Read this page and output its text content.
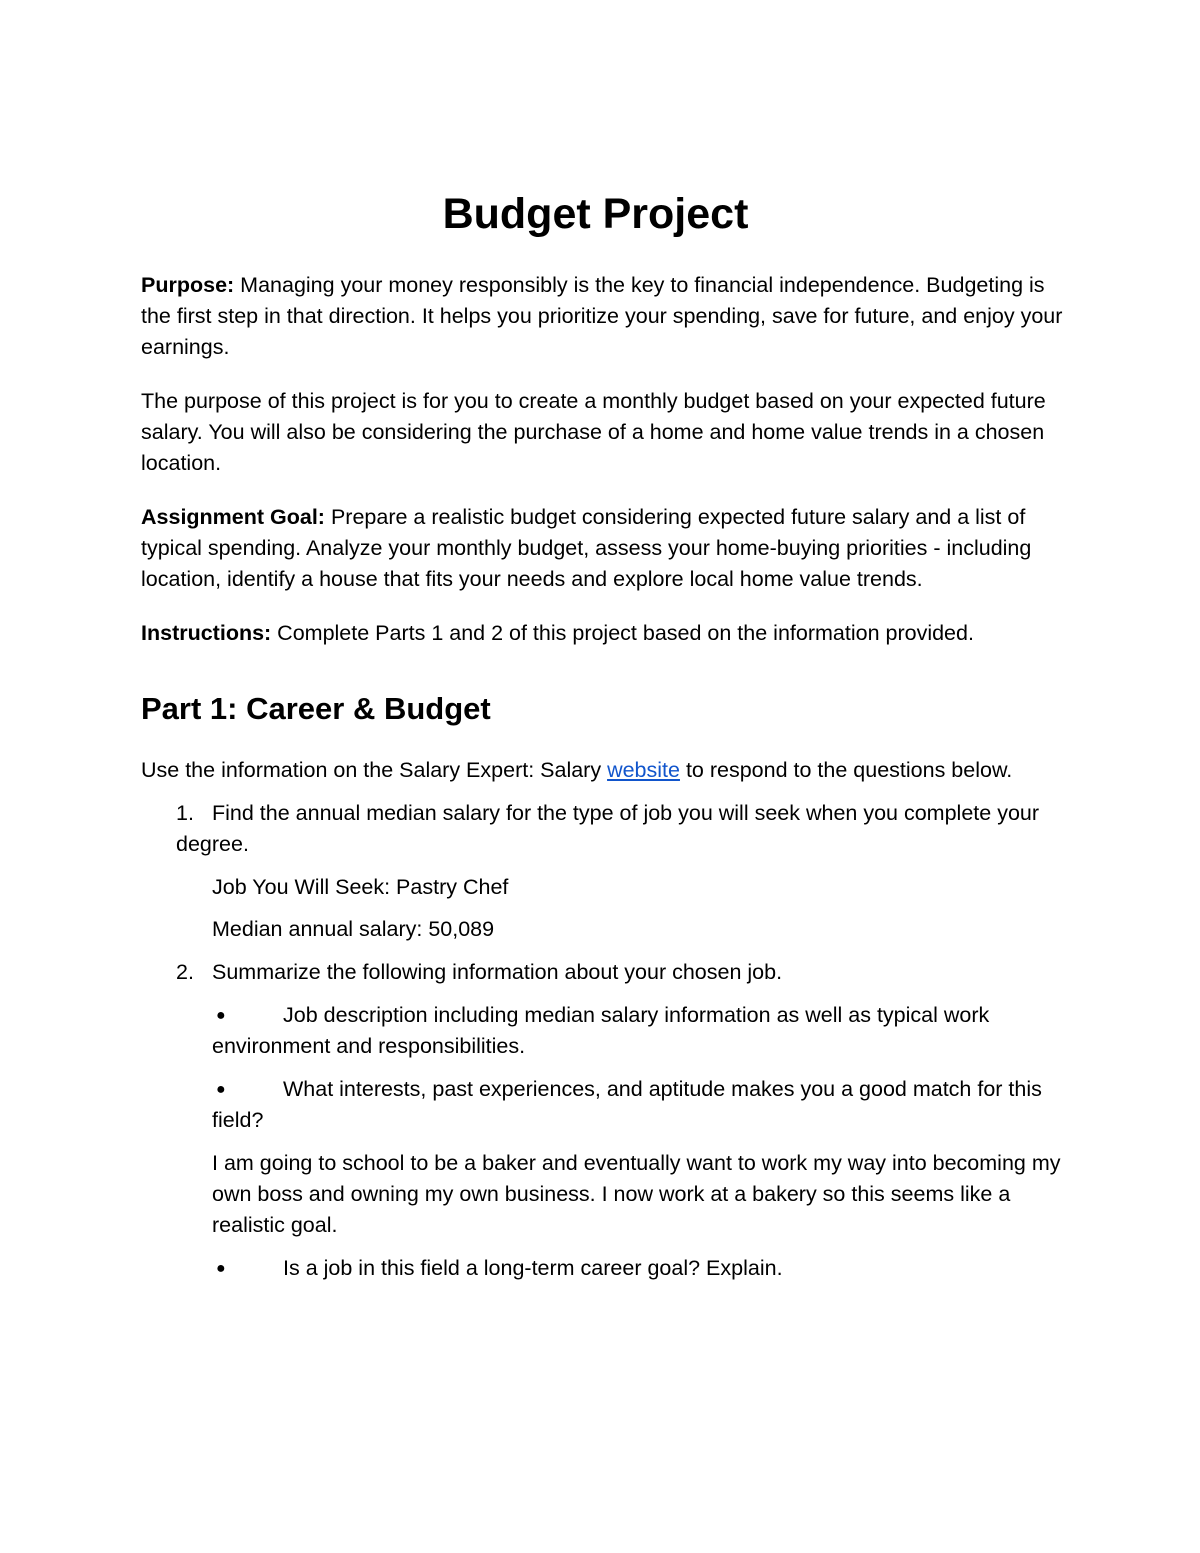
Budget Project
Purpose: Managing your money responsibly is the key to financial independence. Budgeting is the first step in that direction. It helps you prioritize your spending, save for future, and enjoy your earnings.
The purpose of this project is for you to create a monthly budget based on your expected future salary. You will also be considering the purchase of a home and home value trends in a chosen location.
Assignment Goal: Prepare a realistic budget considering expected future salary and a list of typical spending. Analyze your monthly budget, assess your home-buying priorities - including location, identify a house that fits your needs and explore local home value trends.
Instructions: Complete Parts 1 and 2 of this project based on the information provided.
Part 1: Career & Budget
Use the information on the Salary Expert: Salary website to respond to the questions below.
1. Find the annual median salary for the type of job you will seek when you complete your degree.
Job You Will Seek: Pastry Chef
Median annual salary: 50,089
2. Summarize the following information about your chosen job.
●	Job description including median salary information as well as typical work environment and responsibilities.
●	What interests, past experiences, and aptitude makes you a good match for this field?
I am going to school to be a baker and eventually want to work my way into becoming my own boss and owning my own business. I now work at a bakery so this seems like a realistic goal.
●	Is a job in this field a long-term career goal? Explain.
